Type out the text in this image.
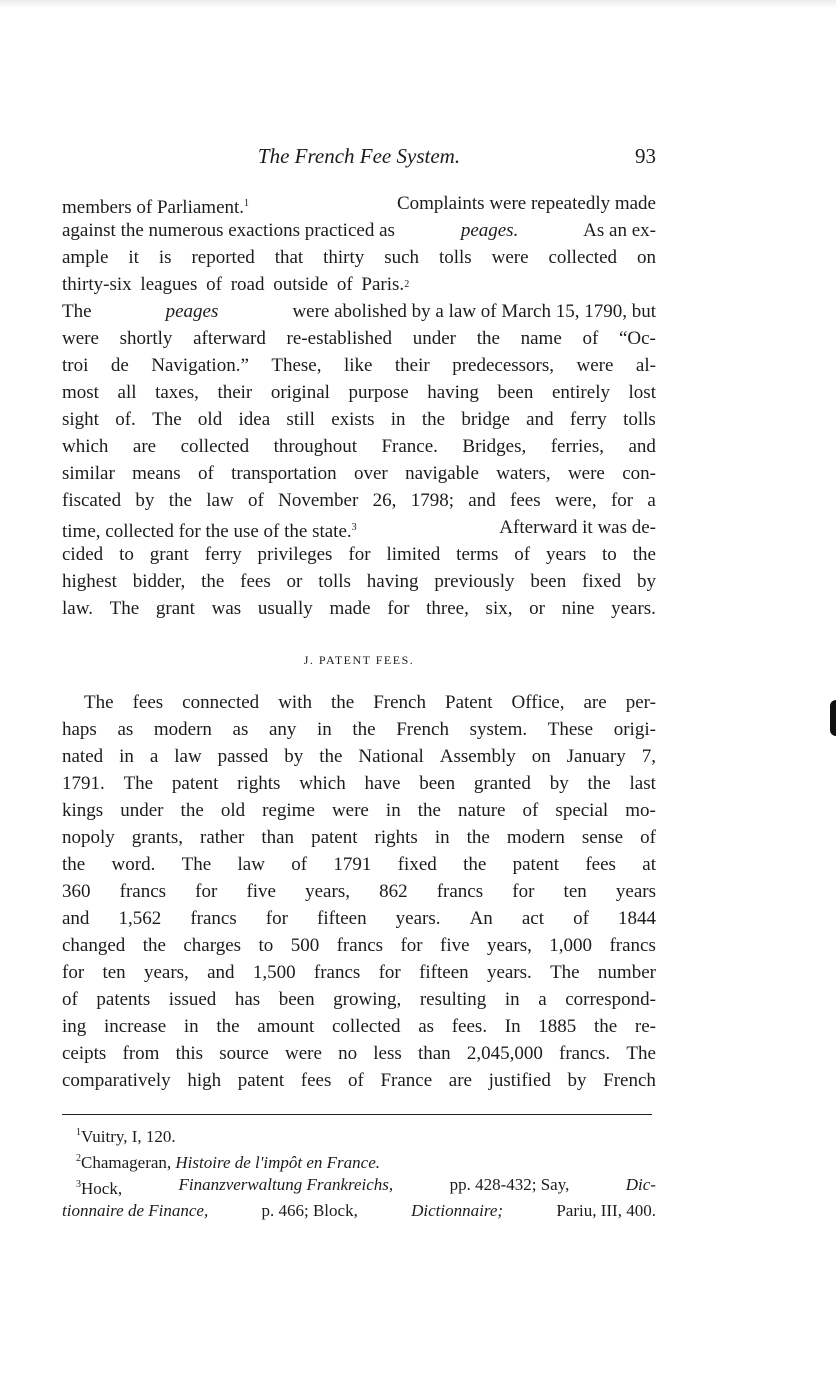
The French Fee System.	93
members of Parliament.$^1$	Complaints were repeatedly made
against the numerous exactions practiced as	peages.	As an ex-
ample it is reported that thirty such tolls were collected on
thirty-six leagues of road outside of Paris. 2
The	peages	were abolished by a law of March 15, 1790, but
were shortly afterward re-established under the name of “Oc-
troi de Navigation.” These, like their predecessors, were al-
most all taxes, their original purpose having been entirely lost
sight of. The old idea still exists in the bridge and ferry tolls
which are collected throughout France. Bridges, ferries, and
similar means of transportation over navigable waters, were con-
fiscated by the law of November 26, 1798; and fees were, for a
time, collected for the use of the state.$^3$	Afterward it was de-
cided to grant ferry privileges for limited terms of years to the
highest bidder, the fees or tolls having previously been fixed by
law. The grant was usually made for three, six, or nine years.
J. PATENT FEES.
The fees connected with the French Patent Office, are per-
haps as modern as any in the French system. These origi-
nated in a law passed by the National Assembly on January 7,
1791. The patent rights which have been granted by the last
kings under the old regime were in the nature of special mo-
nopoly grants, rather than patent rights in the modern sense of
the word. The law of 1791 fixed the patent fees at
360 francs for five years, 862 francs for ten years
and 1,562 francs for fifteen years. An act of 1844
changed the charges to 500 francs for five years, 1,000 francs
for ten years, and 1,500 francs for fifteen years. The number
of patents issued has been growing, resulting in a correspond-
ing increase in the amount collected as fees. In 1885 the re-
ceipts from this source were no less than 2,045,000 francs. The
comparatively high patent fees of France are justified by French
$^1$Vuitry, I, 120.
$^2$Chamageran, Histoire de l'impôt en France.
$^3$Hock,	Finanzverwaltung Frankreichs,	pp. 428-432; Say,	Dic-
tionnaire de Finance,	p. 466; Block,	Dictionnaire;	Pariu, III, 400.
